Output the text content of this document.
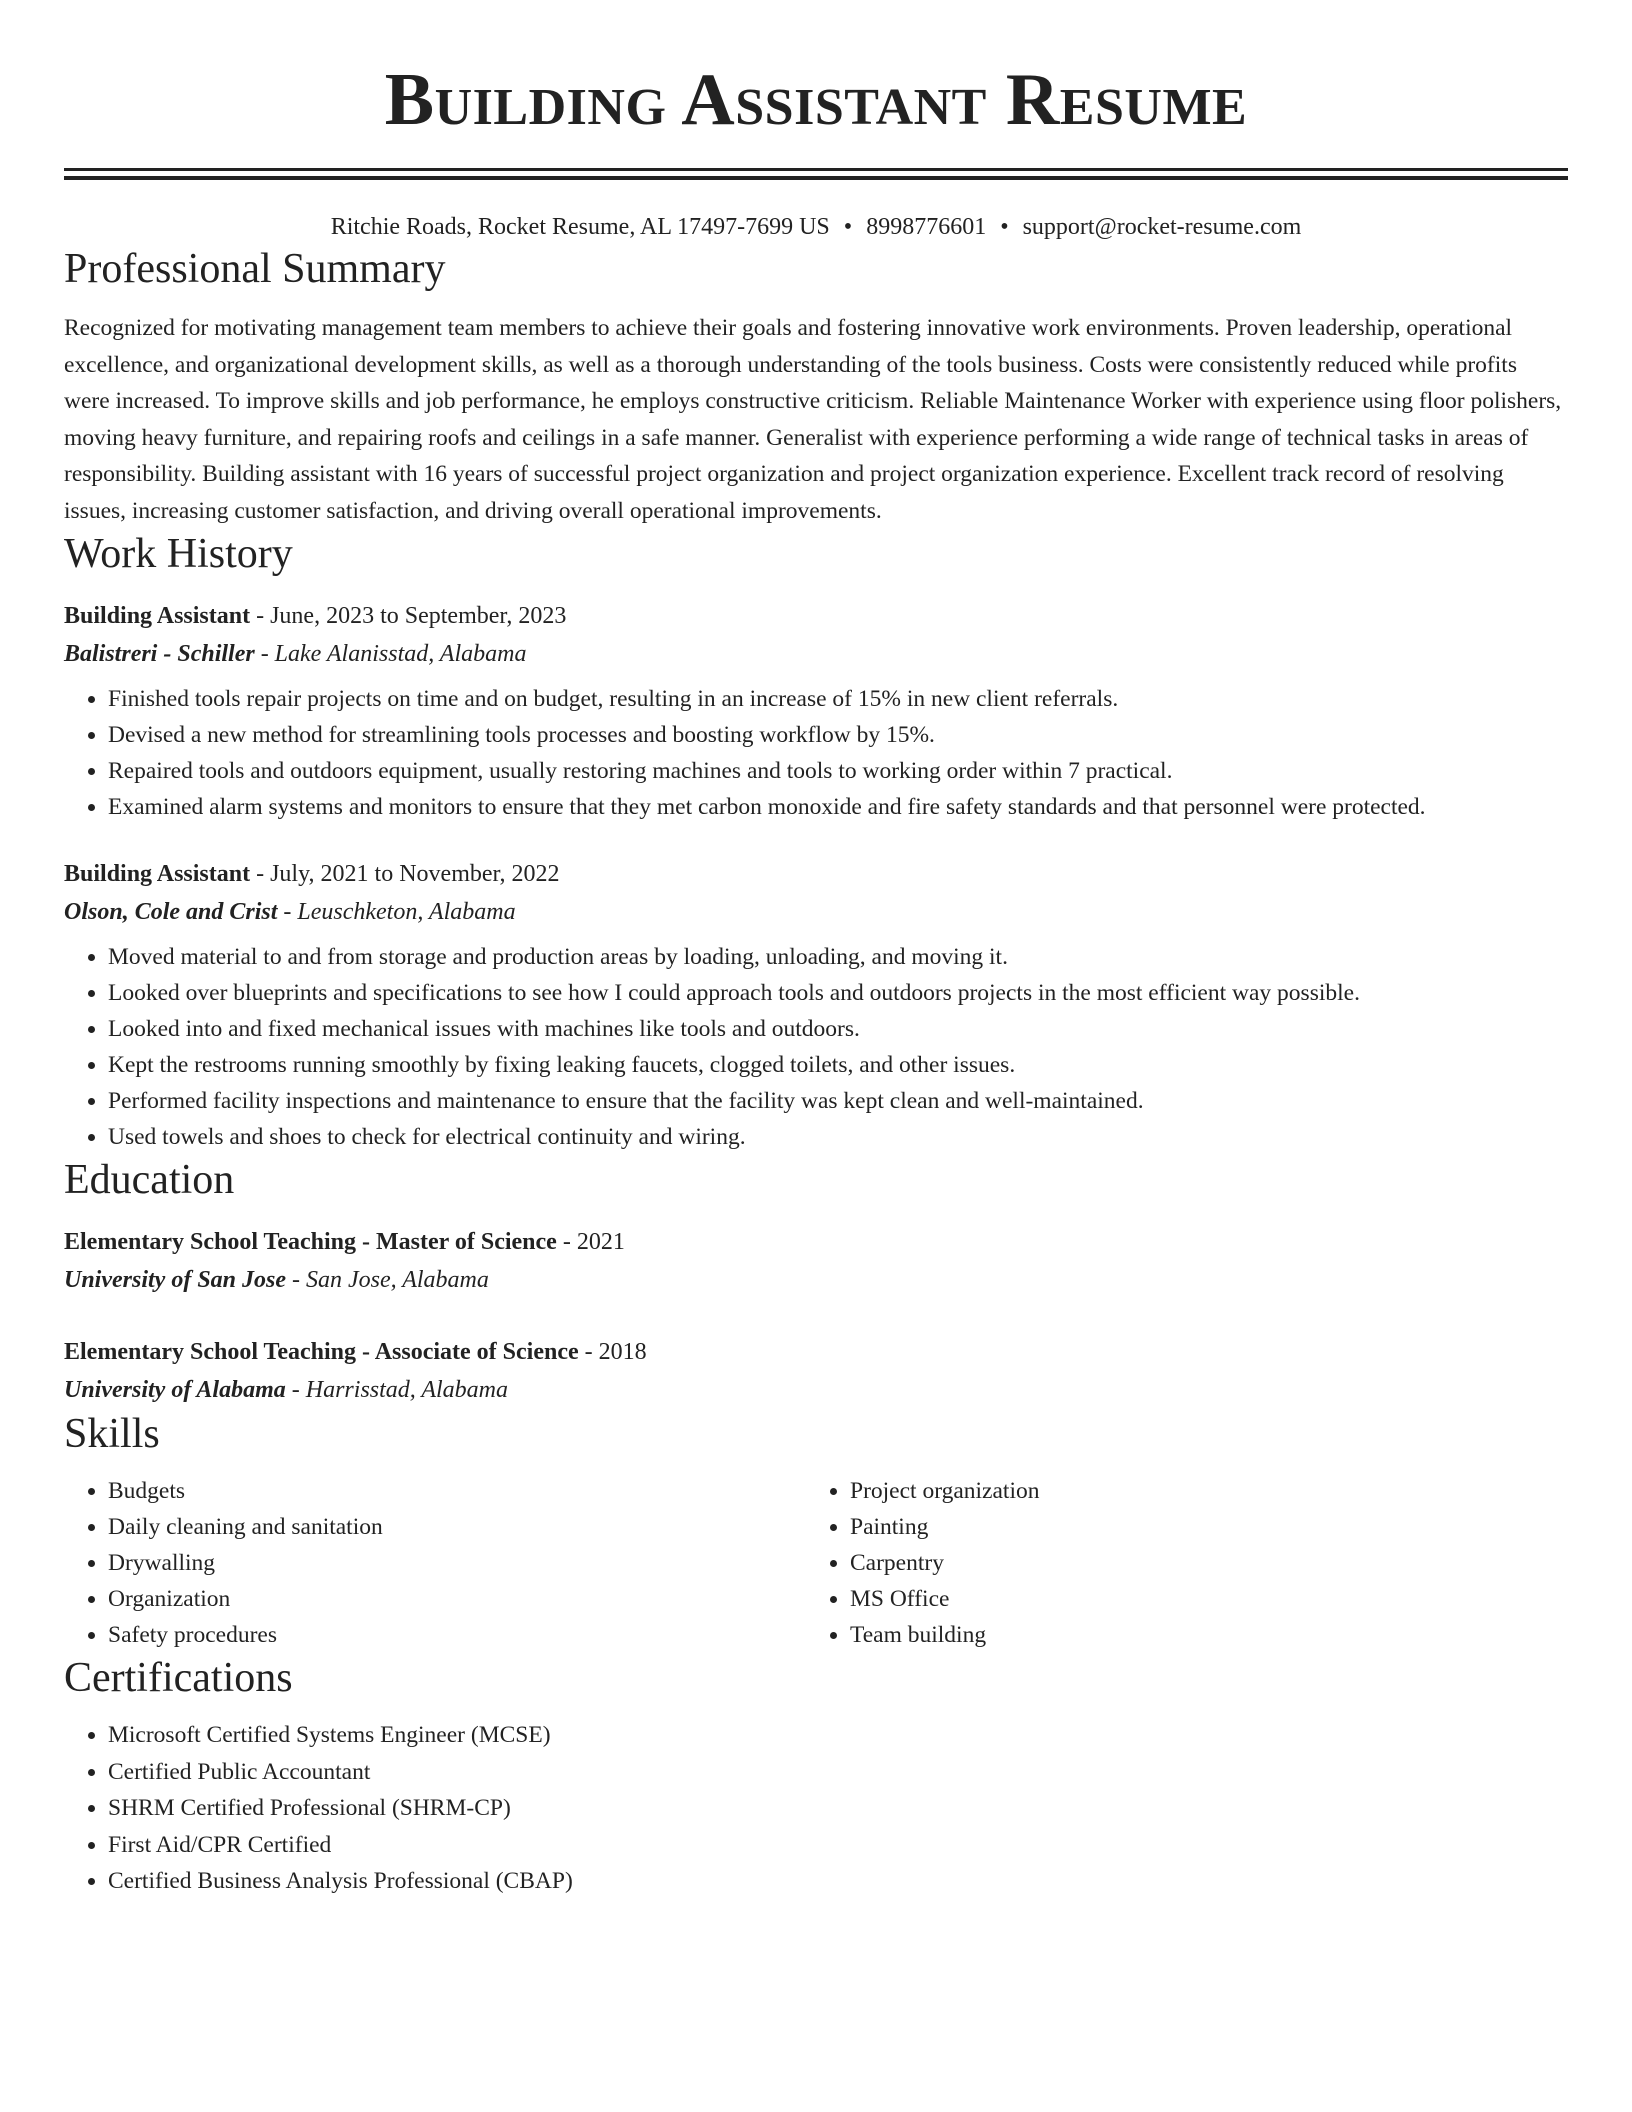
Building Assistant Resume
Ritchie Roads, Rocket Resume, AL 17497-7699 US • 8998776601 • support@rocket-resume.com
Professional Summary
Recognized for motivating management team members to achieve their goals and fostering innovative work environments. Proven leadership, operational excellence, and organizational development skills, as well as a thorough understanding of the tools business. Costs were consistently reduced while profits were increased. To improve skills and job performance, he employs constructive criticism. Reliable Maintenance Worker with experience using floor polishers, moving heavy furniture, and repairing roofs and ceilings in a safe manner. Generalist with experience performing a wide range of technical tasks in areas of responsibility. Building assistant with 16 years of successful project organization and project organization experience. Excellent track record of resolving issues, increasing customer satisfaction, and driving overall operational improvements.
Work History
Building Assistant - June, 2023 to September, 2023
Balistreri - Schiller - Lake Alanisstad, Alabama
• Finished tools repair projects on time and on budget, resulting in an increase of 15% in new client referrals.
• Devised a new method for streamlining tools processes and boosting workflow by 15%.
• Repaired tools and outdoors equipment, usually restoring machines and tools to working order within 7 practical.
• Examined alarm systems and monitors to ensure that they met carbon monoxide and fire safety standards and that personnel were protected.
Building Assistant - July, 2021 to November, 2022
Olson, Cole and Crist - Leuschketon, Alabama
• Moved material to and from storage and production areas by loading, unloading, and moving it.
• Looked over blueprints and specifications to see how I could approach tools and outdoors projects in the most efficient way possible.
• Looked into and fixed mechanical issues with machines like tools and outdoors.
• Kept the restrooms running smoothly by fixing leaking faucets, clogged toilets, and other issues.
• Performed facility inspections and maintenance to ensure that the facility was kept clean and well-maintained.
• Used towels and shoes to check for electrical continuity and wiring.
Education
Elementary School Teaching - Master of Science - 2021
University of San Jose - San Jose, Alabama
Elementary School Teaching - Associate of Science - 2018
University of Alabama - Harrisstad, Alabama
Skills
• Budgets
• Daily cleaning and sanitation
• Drywalling
• Organization
• Safety procedures
• Project organization
• Painting
• Carpentry
• MS Office
• Team building
Certifications
• Microsoft Certified Systems Engineer (MCSE)
• Certified Public Accountant
• SHRM Certified Professional (SHRM-CP)
• First Aid/CPR Certified
• Certified Business Analysis Professional (CBAP)
